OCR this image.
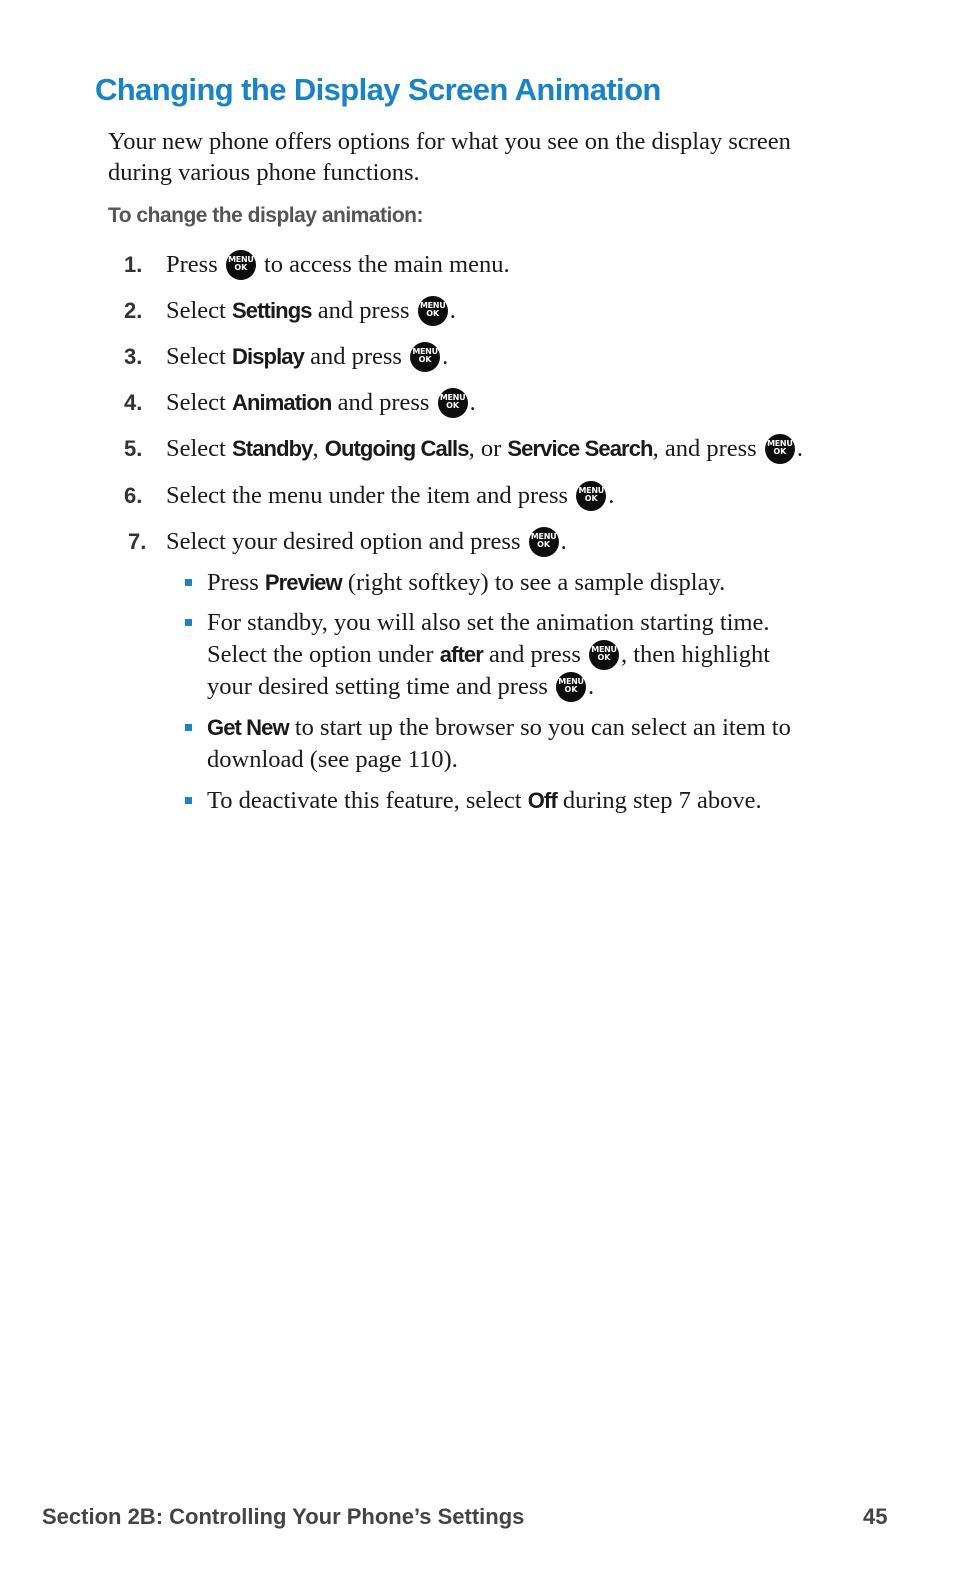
Changing the Display Screen Animation

Your new phone offers options for what you see on the display screen during various phone functions.

To change the display animation:

1. Press MENU
OK to access the main menu.
2. Select Settings and press MENU
OK .
3. Select Display and press MENU
OK .
4. Select Animation and press MENU
OK .
5. Select Standby, Outgoing Calls, or Service Search, and press MENU
OK .
6. Select the menu under the item and press MENU
OK .
7. Select your desired option and press MENU
OK .
Press Preview (right softkey) to see a sample display.
For standby, you will also set the animation starting time.
Select the option under after and press MENU
OK , then highlight
your desired setting time and press MENU
OK .
Get New to start up the browser so you can select an item to download (see page 110).
To deactivate this feature, select Off during step 7 above.
Section 2B: Controlling Your Phone’s Settings	45
